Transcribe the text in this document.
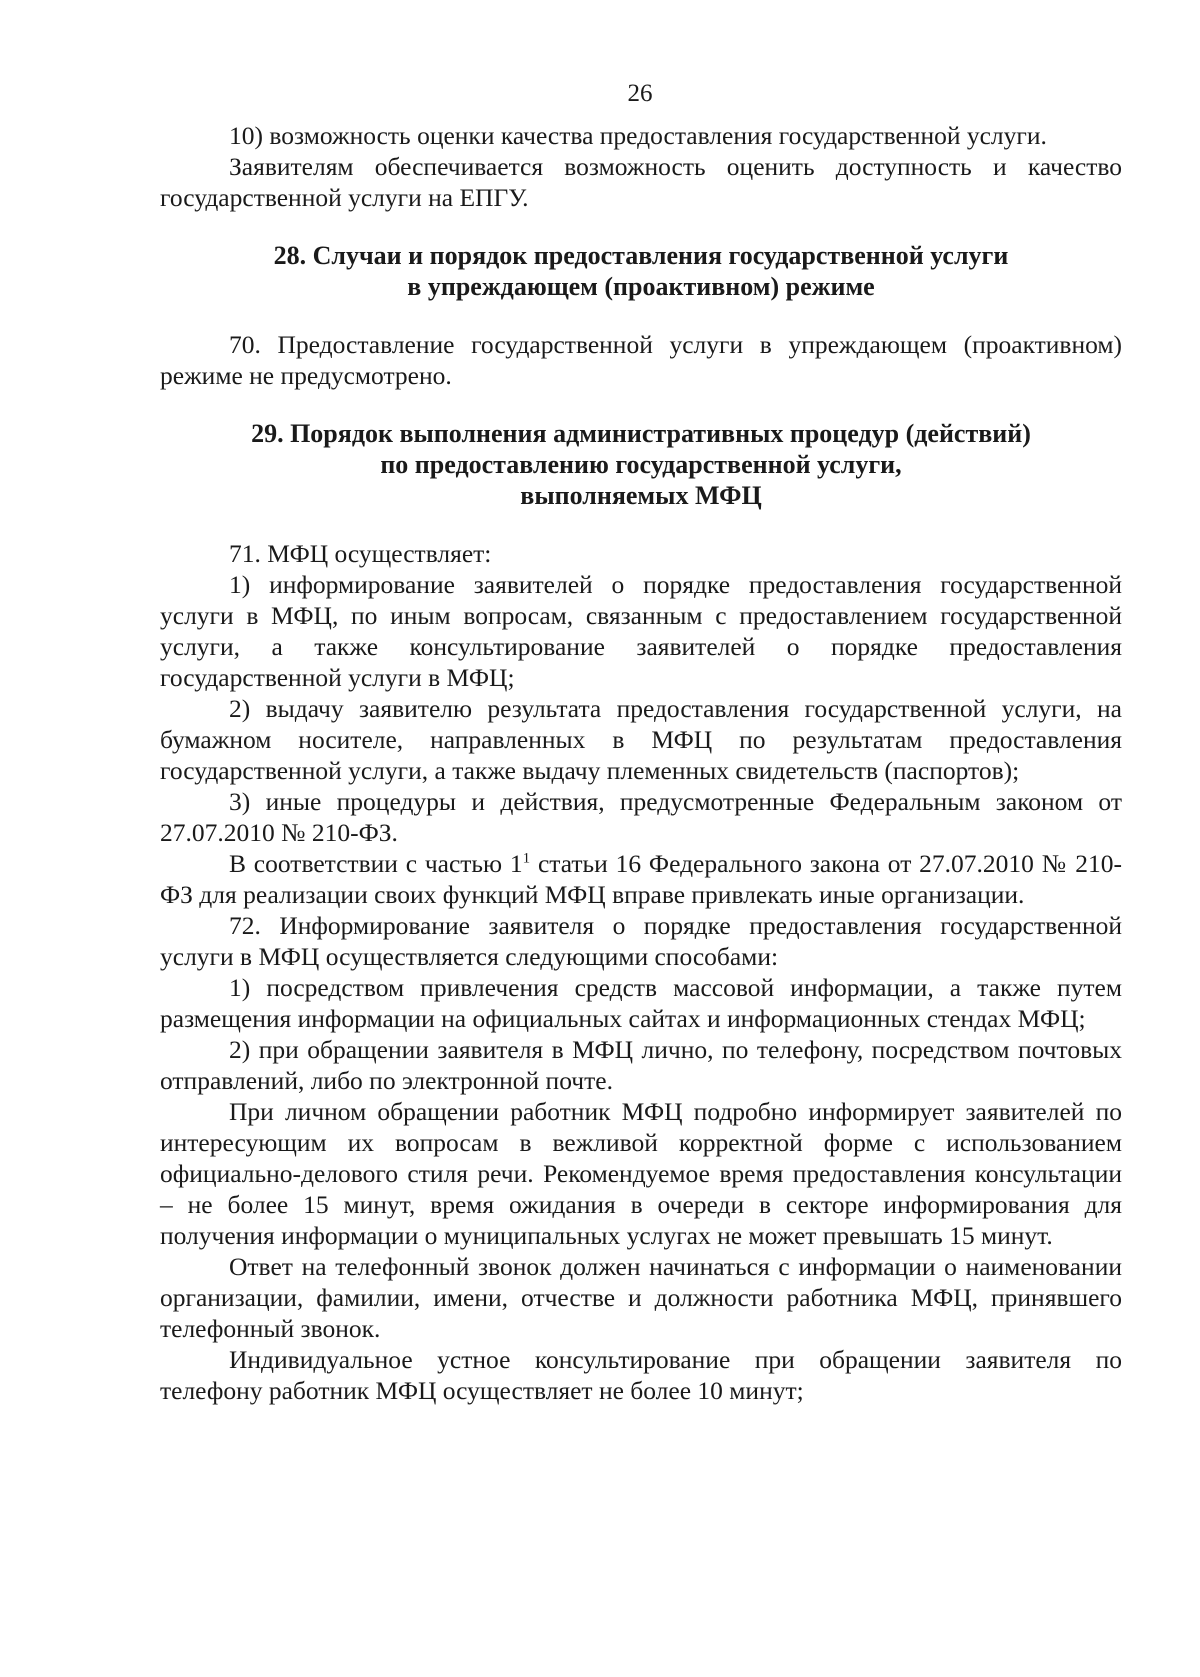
26

10) возможность оценки качества предоставления государственной услуги.

Заявителям обеспечивается возможность оценить доступность и качество государственной услуги на ЕПГУ.

28. Случаи и порядок предоставления государственной услуги
в упреждающем (проактивном) режиме

70. Предоставление государственной услуги в упреждающем (проактивном) режиме не предусмотрено.

29. Порядок выполнения административных процедур (действий)
по предоставлению государственной услуги,
выполняемых МФЦ

71. МФЦ осуществляет:

1) информирование заявителей о порядке предоставления государственной услуги в МФЦ, по иным вопросам, связанным с предоставлением государственной услуги, а также консультирование заявителей о порядке предоставления государственной услуги в МФЦ;

2) выдачу заявителю результата предоставления государственной услуги, на бумажном носителе, направленных в МФЦ по результатам предоставления государственной услуги, а также выдачу племенных свидетельств (паспортов);

3) иные процедуры и действия, предусмотренные Федеральным законом от 27.07.2010 № 210-ФЗ.

В соответствии с частью $1^1$ статьи 16 Федерального закона от 27.07.2010 № 210-ФЗ для реализации своих функций МФЦ вправе привлекать иные организации.

72. Информирование заявителя о порядке предоставления государственной услуги в МФЦ осуществляется следующими способами:

1) посредством привлечения средств массовой информации, а также путем размещения информации на официальных сайтах и информационных стендах МФЦ;

2) при обращении заявителя в МФЦ лично, по телефону, посредством почтовых отправлений, либо по электронной почте.

При личном обращении работник МФЦ подробно информирует заявителей по интересующим их вопросам в вежливой корректной форме с использованием официально-делового стиля речи. Рекомендуемое время предоставления консультации – не более 15 минут, время ожидания в очереди в секторе информирования для получения информации о муниципальных услугах не может превышать 15 минут.

Ответ на телефонный звонок должен начинаться с информации о наименовании организации, фамилии, имени, отчестве и должности работника МФЦ, принявшего телефонный звонок.

Индивидуальное устное консультирование при обращении заявителя по телефону работник МФЦ осуществляет не более 10 минут;
